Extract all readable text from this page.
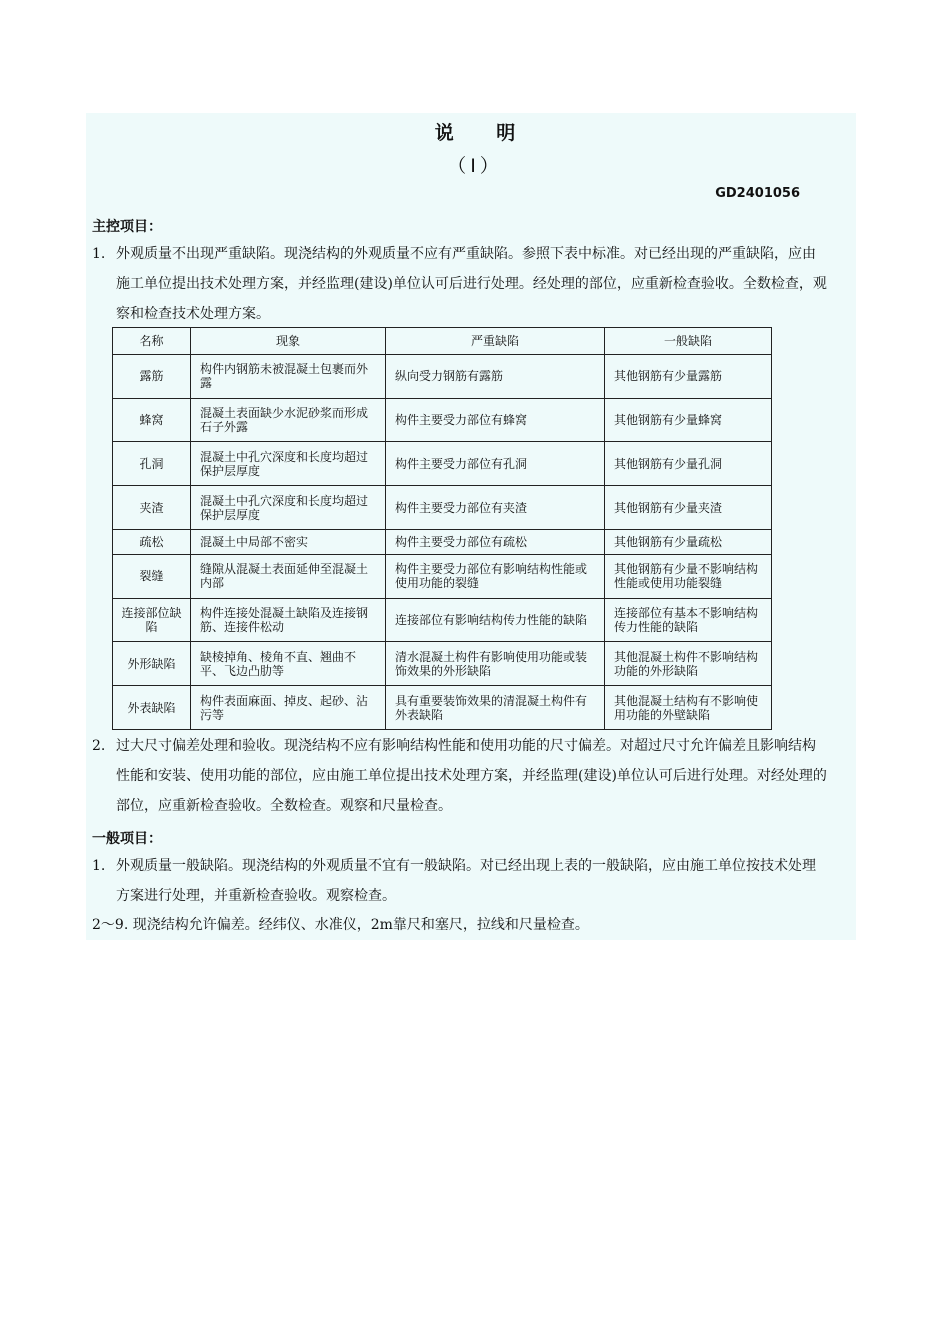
说 明
（Ⅰ）
GD2401056
主控项目：
1. 外观质量不出现严重缺陷。现浇结构的外观质量不应有严重缺陷。参照下表中标准。对已经出现的严重缺陷，应由施工单位提出技术处理方案，并经监理(建设)单位认可后进行处理。经处理的部位，应重新检查验收。全数检查，观察和检查技术处理方案。
名称	现象	严重缺陷	一般缺陷
露筋	构件内钢筋未被混凝土包裹而外露	纵向受力钢筋有露筋	其他钢筋有少量露筋
蜂窝	混凝土表面缺少水泥砂浆而形成石子外露	构件主要受力部位有蜂窝	其他钢筋有少量蜂窝
孔洞	混凝土中孔穴深度和长度均超过保护层厚度	构件主要受力部位有孔洞	其他钢筋有少量孔洞
夹渣	混凝土中孔穴深度和长度均超过保护层厚度	构件主要受力部位有夹渣	其他钢筋有少量夹渣
疏松	混凝土中局部不密实	构件主要受力部位有疏松	其他钢筋有少量疏松
裂缝	缝隙从混凝土表面延伸至混凝土内部	构件主要受力部位有影响结构性能或使用功能的裂缝	其他钢筋有少量不影响结构性能或使用功能裂缝
连接部位缺陷	构件连接处混凝土缺陷及连接钢筋、连接件松动	连接部位有影响结构传力性能的缺陷	连接部位有基本不影响结构传力性能的缺陷
外形缺陷	缺棱掉角、棱角不直、翘曲不平、飞边凸肋等	清水混凝土构件有影响使用功能或装饰效果的外形缺陷	其他混凝土构件不影响结构功能的外形缺陷
外表缺陷	构件表面麻面、掉皮、起砂、沾污等	具有重要装饰效果的清混凝土构件有外表缺陷	其他混凝土结构有不影响使用功能的外壁缺陷
2. 过大尺寸偏差处理和验收。现浇结构不应有影响结构性能和使用功能的尺寸偏差。对超过尺寸允许偏差且影响结构性能和安装、使用功能的部位，应由施工单位提出技术处理方案，并经监理(建设)单位认可后进行处理。对经处理的部位，应重新检查验收。全数检查。观察和尺量检查。
一般项目：
1. 外观质量一般缺陷。现浇结构的外观质量不宜有一般缺陷。对已经出现上表的一般缺陷，应由施工单位按技术处理方案进行处理，并重新检查验收。观察检查。
2～9. 现浇结构允许偏差。经纬仪、水准仪，2m靠尺和塞尺，拉线和尺量检查。
